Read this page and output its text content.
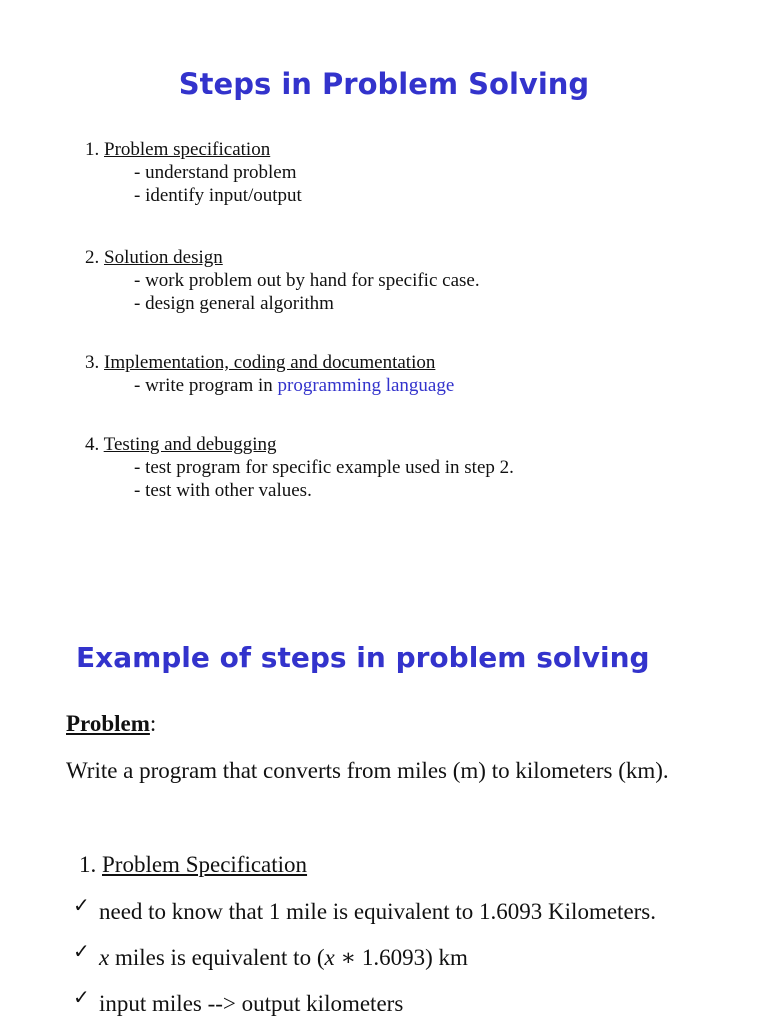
Steps in Problem Solving
1. Problem specification
- understand problem
- identify input/output
2. Solution design
- work problem out by hand for specific case.
- design general algorithm
3. Implementation, coding and documentation
- write program in programming language
4. Testing and debugging
- test program for specific example used in step 2.
- test with other values.
Example of steps in problem solving
Problem:
Write a program that converts from miles (m) to kilometers (km).
1. Problem Specification
✓ need to know that 1 mile is equivalent to 1.6093 Kilometers.
✓ x miles is equivalent to (x ∗ 1.6093) km
✓ input miles --> output kilometers
